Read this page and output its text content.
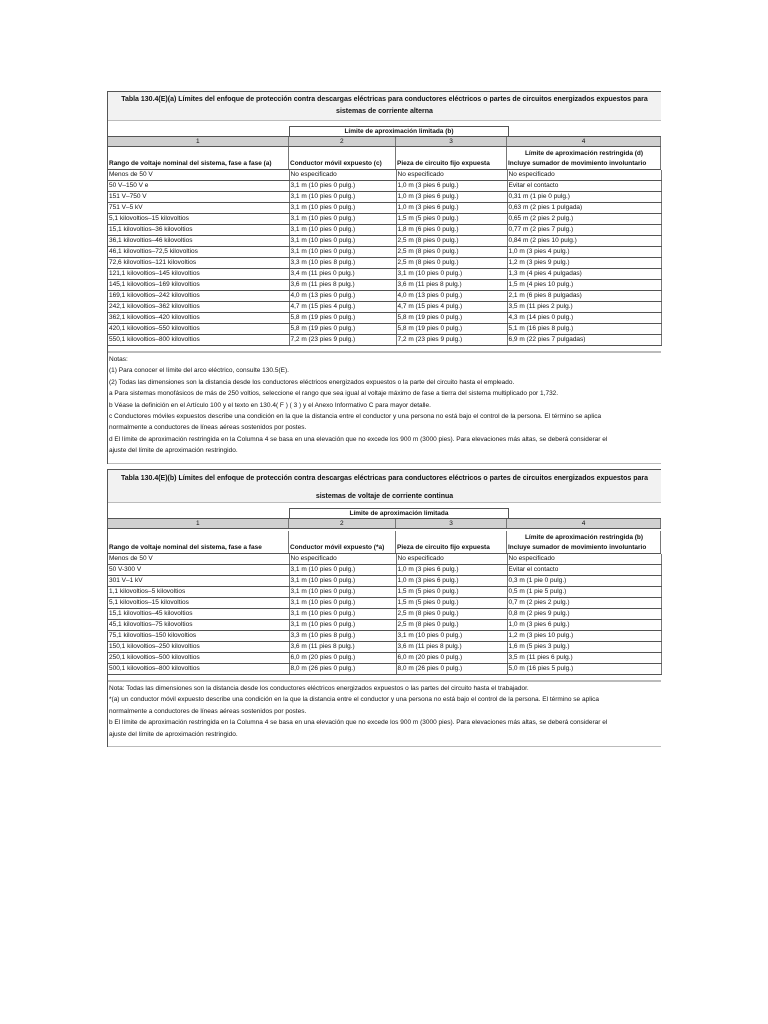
Tabla 130.4(E)(a) Límites del enfoque de protección contra descargas eléctricas para conductores eléctricos o partes de circuitos energizados expuestos para
sistemas de corriente alterna
Límite de aproximación limitada (b)
1	2	3	4
Rango de voltaje nominal del sistema, fase a fase (a)	Conductor móvil expuesto (c)	Pieza de circuito fijo expuesta
Límite de aproximación restringida (d)
Incluye sumador de movimiento involuntario
Menos de 50 V	No especificado	No especificado	No especificado
50 V–150 V e	3,1 m (10 pies 0 pulg.)	1,0 m (3 pies 6 pulg.)	Evitar el contacto
151 V–750 V	3,1 m (10 pies 0 pulg.)	1,0 m (3 pies 6 pulg.)	0,31 m (1 pie 0 pulg.)
751 V–5 kV	3,1 m (10 pies 0 pulg.)	1,0 m (3 pies 6 pulg.)	0,63 m (2 pies 1 pulgada)
5,1 kilovoltios–15 kilovoltios	3,1 m (10 pies 0 pulg.)	1,5 m (5 pies 0 pulg.)	0,65 m (2 pies 2 pulg.)
15,1 kilovoltios–36 kilovoltios	3,1 m (10 pies 0 pulg.)	1,8 m (6 pies 0 pulg.)	0,77 m (2 pies 7 pulg.)
36,1 kilovoltios–46 kilovoltios	3,1 m (10 pies 0 pulg.)	2,5 m (8 pies 0 pulg.)	0,84 m (2 pies 10 pulg.)
46,1 kilovoltios–72,5 kilovoltios	3,1 m (10 pies 0 pulg.)	2,5 m (8 pies 0 pulg.)	1,0 m (3 pies 4 pulg.)
72,6 kilovoltios–121 kilovoltios	3,3 m (10 pies 8 pulg.)	2,5 m (8 pies 0 pulg.)	1,2 m (3 pies 9 pulg.)
121,1 kilovoltios–145 kilovoltios	3,4 m (11 pies 0 pulg.)	3,1 m (10 pies 0 pulg.)	1,3 m (4 pies 4 pulgadas)
145,1 kilovoltios–169 kilovoltios	3,6 m (11 pies 8 pulg.)	3,6 m (11 pies 8 pulg.)	1,5 m (4 pies 10 pulg.)
169,1 kilovoltios–242 kilovoltios	4,0 m (13 pies 0 pulg.)	4,0 m (13 pies 0 pulg.)	2,1 m (6 pies 8 pulgadas)
242,1 kilovoltios–362 kilovoltios	4,7 m (15 pies 4 pulg.)	4,7 m (15 pies 4 pulg.)	3,5 m (11 pies 2 pulg.)
362,1 kilovoltios–420 kilovoltios	5,8 m (19 pies 0 pulg.)	5,8 m (19 pies 0 pulg.)	4,3 m (14 pies 0 pulg.)
420,1 kilovoltios–550 kilovoltios	5,8 m (19 pies 0 pulg.)	5,8 m (19 pies 0 pulg.)	5,1 m (16 pies 8 pulg.)
550,1 kilovoltios–800 kilovoltios	7,2 m (23 pies 9 pulg.)	7,2 m (23 pies 9 pulg.)	6,9 m (22 pies 7 pulgadas)

Notas:

(1) Para conocer el límite del arco eléctrico, consulte 130.5(E).

(2) Todas las dimensiones son la distancia desde los conductores eléctricos energizados expuestos o la parte del circuito hasta el empleado.

a Para sistemas monofásicos de más de 250 voltios, seleccione el rango que sea igual al voltaje máximo de fase a tierra del sistema multiplicado por 1,732.

b Véase la definición en el Artículo 100 y el texto en 130.4( F ) ( 3 ) y el Anexo Informativo C para mayor detalle.

c Conductores móviles expuestos describe una condición en la que la distancia entre el conductor y una persona no está bajo el control de la persona. El término se aplica

normalmente a conductores de líneas aéreas sostenidos por postes.

d El límite de aproximación restringida en la Columna 4 se basa en una elevación que no excede los 900 m (3000 pies). Para elevaciones más altas, se deberá considerar el

ajuste del límite de aproximación restringido.

Tabla 130.4(E)(b) Límites del enfoque de protección contra descargas eléctricas para conductores eléctricos o partes de circuitos energizados expuestos para
sistemas de voltaje de corriente continua
Límite de aproximación limitada
1	2	3	4
Rango de voltaje nominal del sistema, fase a fase	Conductor móvil expuesto (*a)	Pieza de circuito fijo expuesta
Límite de aproximación restringida (b)
Incluye sumador de movimiento involuntario
Menos de 50 V	No especificado	No especificado	No especificado
50 V-300 V	3,1 m (10 pies 0 pulg.)	1,0 m (3 pies 6 pulg.)	Evitar el contacto
301 V–1 kV	3,1 m (10 pies 0 pulg.)	1,0 m (3 pies 6 pulg.)	0,3 m (1 pie 0 pulg.)
1,1 kilovoltios–5 kilovoltios	3,1 m (10 pies 0 pulg.)	1,5 m (5 pies 0 pulg.)	0,5 m (1 pie 5 pulg.)
5,1 kilovoltios–15 kilovoltios	3,1 m (10 pies 0 pulg.)	1,5 m (5 pies 0 pulg.)	0,7 m (2 pies 2 pulg.)
15,1 kilovoltios–45 kilovoltios	3,1 m (10 pies 0 pulg.)	2,5 m (8 pies 0 pulg.)	0,8 m (2 pies 9 pulg.)
45,1 kilovoltios–75 kilovoltios	3,1 m (10 pies 0 pulg.)	2,5 m (8 pies 0 pulg.)	1,0 m (3 pies 6 pulg.)
75,1 kilovoltios–150 kilovoltios	3,3 m (10 pies 8 pulg.)	3,1 m (10 pies 0 pulg.)	1,2 m (3 pies 10 pulg.)
150,1 kilovoltios–250 kilovoltios	3,6 m (11 pies 8 pulg.)	3,6 m (11 pies 8 pulg.)	1,6 m (5 pies 3 pulg.)
250,1 kilovoltios–500 kilovoltios	6,0 m (20 pies 0 pulg.)	6,0 m (20 pies 0 pulg.)	3,5 m (11 pies 6 pulg.)
500,1 kilovoltios–800 kilovoltios	8,0 m (26 pies 0 pulg.)	8,0 m (26 pies 0 pulg.)	5,0 m (16 pies 5 pulg.)

Nota: Todas las dimensiones son la distancia desde los conductores eléctricos energizados expuestos o las partes del circuito hasta el trabajador.

*(a) un conductor móvil expuesto describe una condición en la que la distancia entre el conductor y una persona no está bajo el control de la persona. El término se aplica

normalmente a conductores de líneas aéreas sostenidos por postes.

b El límite de aproximación restringida en la Columna 4 se basa en una elevación que no excede los 900 m (3000 pies). Para elevaciones más altas, se deberá considerar el

ajuste del límite de aproximación restringido.
